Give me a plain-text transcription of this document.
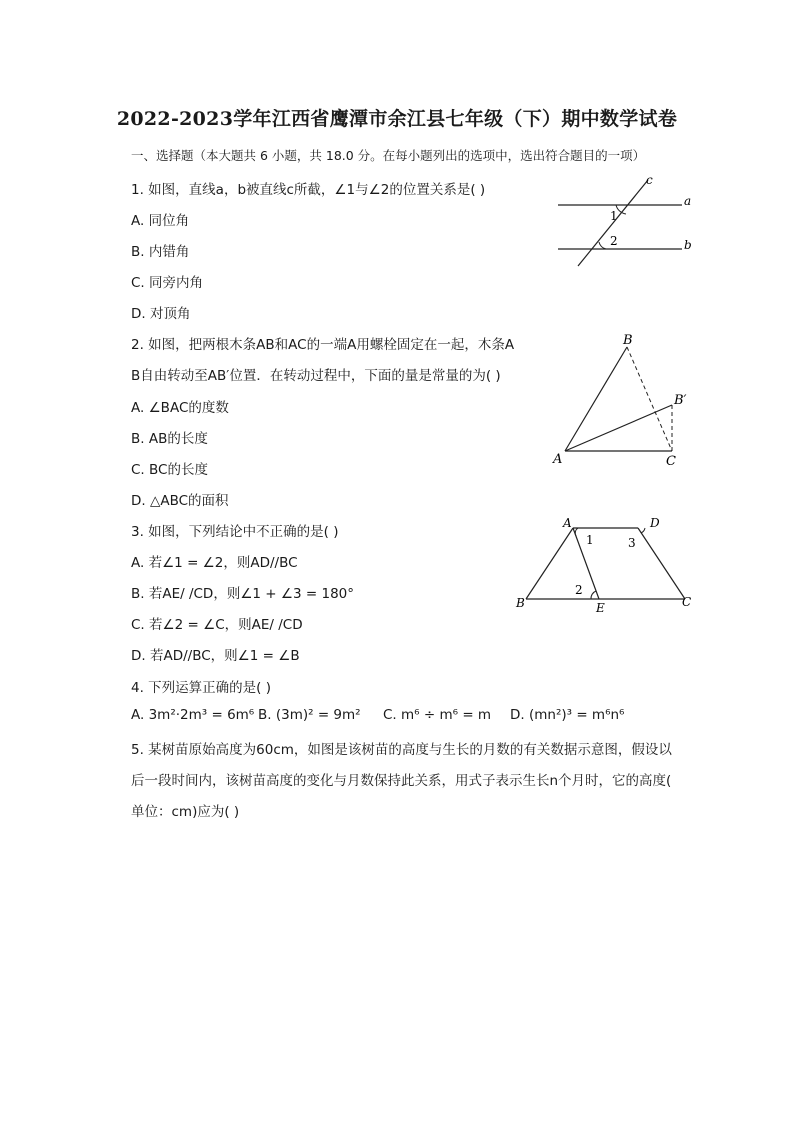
2022-2023学年江西省鹰潭市余江县七年级（下）期中数学试卷
一、选择题（本大题共 6 小题，共 18.0 分。在每小题列出的选项中，选出符合题目的一项）
1. 如图，直线a，b被直线c所截，∠1与∠2的位置关系是( )
A. 同位角
B. 内错角
C. 同旁内角
D. 对顶角
c
a
b
1
2
2. 如图，把两根木条AB和AC的一端A用螺栓固定在一起，木条A
B自由转动至AB′位置．在转动过程中，下面的量是常量的为( )
A. ∠BAC的度数
B. AB的长度
C. BC的长度
D. △ABC的面积
A
B
B′
C
3. 如图，下列结论中不正确的是( )
A. 若∠1 = ∠2，则AD//BC
B. 若AE/ /CD，则∠1 + ∠3 = 180°
C. 若∠2 = ∠C，则AE/ /CD
D. 若AD//BC，则∠1 = ∠B
A	D
B	E	C
1
2
3
4. 下列运算正确的是( )
A. 3m²·2m³ = 6m⁶ B. (3m)² = 9m² C. m⁶ ÷ m⁶ = m D. (mn²)³ = m⁶n⁶
5. 某树苗原始高度为60cm，如图是该树苗的高度与生长的月数的有关数据示意图，假设以
后一段时间内，该树苗高度的变化与月数保持此关系，用式子表示生长n个月时，它的高度(
单位：cm)应为( )
